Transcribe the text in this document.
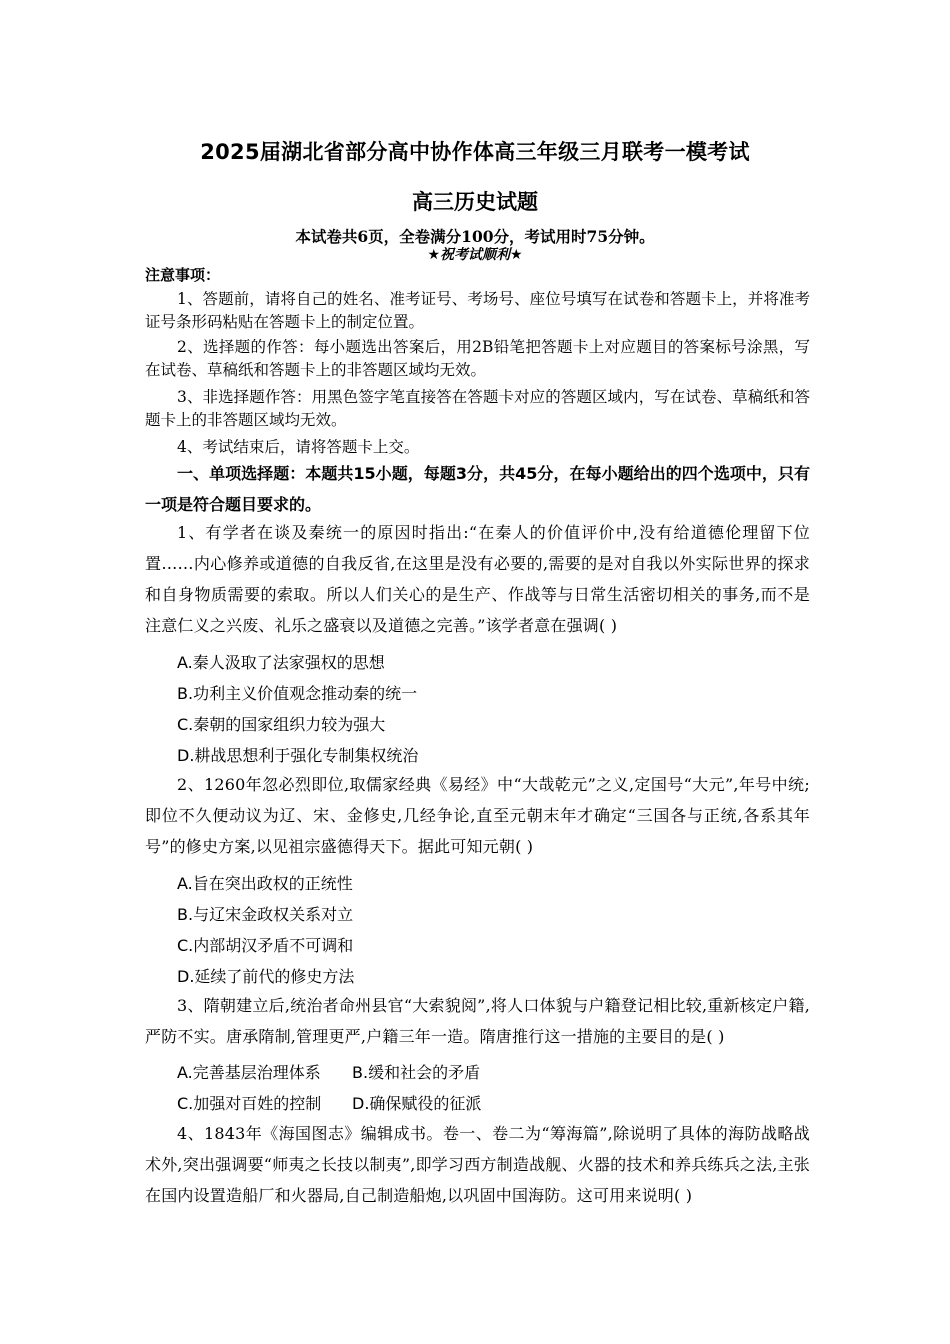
2025届湖北省部分高中协作体高三年级三月联考一模考试
高三历史试题
本试卷共6页，全卷满分100分，考试用时75分钟。
★祝考试顺利★
注意事项：
1、答题前，请将自己的姓名、准考证号、考场号、座位号填写在试卷和答题卡上，并将准考证号条形码粘贴在答题卡上的制定位置。
2、选择题的作答：每小题选出答案后，用2B铅笔把答题卡上对应题目的答案标号涂黑，写在试卷、草稿纸和答题卡上的非答题区域均无效。
3、非选择题作答：用黑色签字笔直接答在答题卡对应的答题区域内，写在试卷、草稿纸和答题卡上的非答题区域均无效。
4、考试结束后，请将答题卡上交。
一、单项选择题：本题共15小题，每题3分，共45分，在每小题给出的四个选项中，只有一项是符合题目要求的。
1、有学者在谈及秦统一的原因时指出:“在秦人的价值评价中,没有给道德伦理留下位置……内心修养或道德的自我反省,在这里是没有必要的,需要的是对自我以外实际世界的探求和自身物质需要的索取。所以人们关心的是生产、作战等与日常生活密切相关的事务,而不是注意仁义之兴废、礼乐之盛衰以及道德之完善。”该学者意在强调( )
A.秦人汲取了法家强权的思想
B.功利主义价值观念推动秦的统一
C.秦朝的国家组织力较为强大
D.耕战思想利于强化专制集权统治
2、1260年忽必烈即位,取儒家经典《易经》中“大哉乾元”之义,定国号“大元”,年号中统;即位不久便动议为辽、宋、金修史,几经争论,直至元朝末年才确定“三国各与正统,各系其年号”的修史方案,以见祖宗盛德得天下。据此可知元朝( )
A.旨在突出政权的正统性
B.与辽宋金政权关系对立
C.内部胡汉矛盾不可调和
D.延续了前代的修史方法
3、隋朝建立后,统治者命州县官“大索貌阅”,将人口体貌与户籍登记相比较,重新核定户籍,严防不实。唐承隋制,管理更严,户籍三年一造。隋唐推行这一措施的主要目的是( )
A.完善基层治理体系 B.缓和社会的矛盾
C.加强对百姓的控制 D.确保赋役的征派
4、1843年《海国图志》编辑成书。卷一、卷二为“筹海篇”,除说明了具体的海防战略战术外,突出强调要“师夷之长技以制夷”,即学习西方制造战舰、火器的技术和养兵练兵之法,主张在国内设置造船厂和火器局,自己制造船炮,以巩固中国海防。这可用来说明( )
